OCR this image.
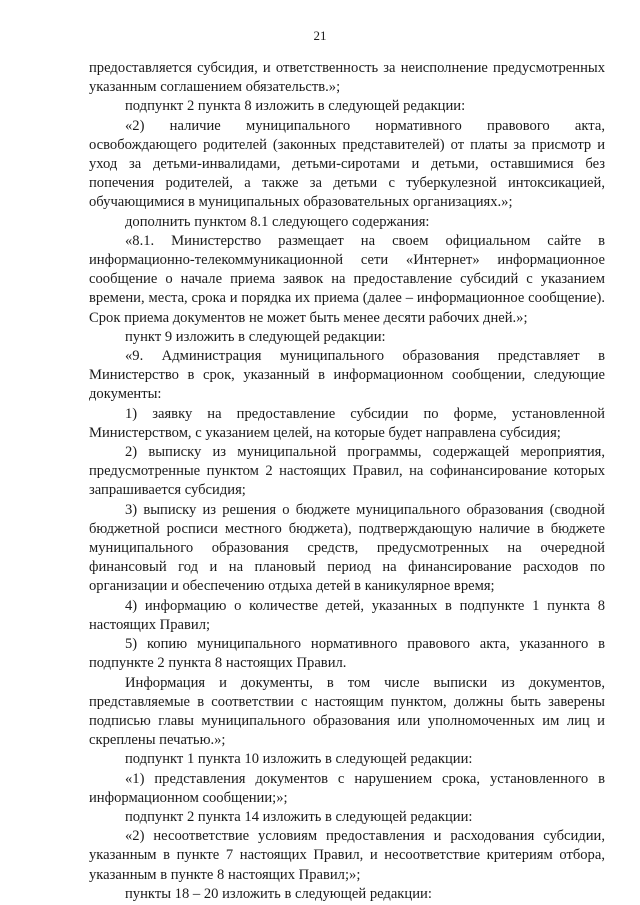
21

предоставляется субсидия, и ответственность за неисполнение предусмотренных указанным соглашением обязательств.»;

подпункт 2 пункта 8 изложить в следующей редакции:

«2) наличие муниципального нормативного правового акта, освобождающего родителей (законных представителей) от платы за присмотр и уход за детьми-инвалидами, детьми-сиротами и детьми, оставшимися без попечения родителей, а также за детьми с туберкулезной интоксикацией, обучающимися в муниципальных образовательных организациях.»;

дополнить пунктом 8.1 следующего содержания:

«8.1. Министерство размещает на своем официальном сайте в информационно-телекоммуникационной сети «Интернет» информационное сообщение о начале приема заявок на предоставление субсидий с указанием времени, места, срока и порядка их приема (далее – информационное сообщение). Срок приема документов не может быть менее десяти рабочих дней.»;

пункт 9 изложить в следующей редакции:

«9. Администрация муниципального образования представляет в Министерство в срок, указанный в информационном сообщении, следующие документы:

1) заявку на предоставление субсидии по форме, установленной Министерством, с указанием целей, на которые будет направлена субсидия;

2) выписку из муниципальной программы, содержащей мероприятия, предусмотренные пунктом 2 настоящих Правил, на софинансирование которых запрашивается субсидия;

3) выписку из решения о бюджете муниципального образования (сводной бюджетной росписи местного бюджета), подтверждающую наличие в бюджете муниципального образования средств, предусмотренных на очередной финансовый год и на плановый период на финансирование расходов по организации и обеспечению отдыха детей в каникулярное время;

4) информацию о количестве детей, указанных в подпункте 1 пункта 8 настоящих Правил;

5) копию муниципального нормативного правового акта, указанного в подпункте 2 пункта 8 настоящих Правил.

Информация и документы, в том числе выписки из документов, представляемые в соответствии с настоящим пунктом, должны быть заверены подписью главы муниципального образования или уполномоченных им лиц и скреплены печатью.»;

подпункт 1 пункта 10 изложить в следующей редакции:

«1) представления документов с нарушением срока, установленного в информационном сообщении;»;

подпункт 2 пункта 14 изложить в следующей редакции:

«2) несоответствие условиям предоставления и расходования субсидии, указанным в пункте 7 настоящих Правил, и несоответствие критериям отбора, указанным в пункте 8 настоящих Правил;»;

пункты 18 – 20 изложить в следующей редакции:
